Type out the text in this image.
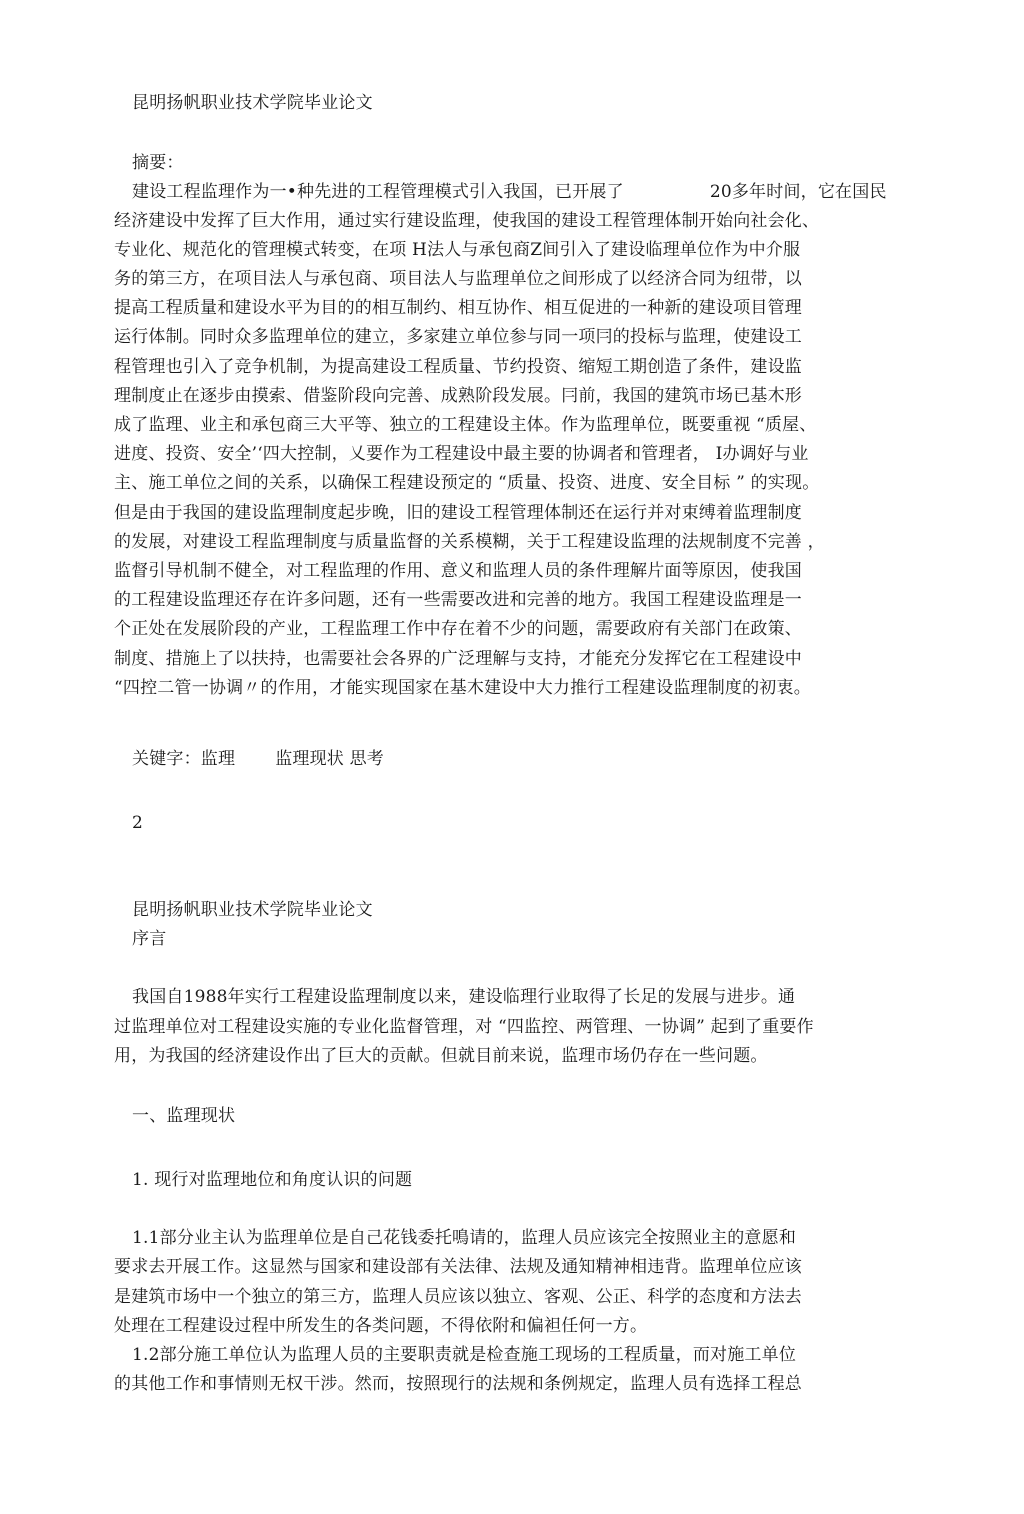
昆明扬帆职业技术学院毕业论文
摘要：
建设工程监理作为一•种先进的工程管理模式引入我国，已开展了	20多年时间，它在国民
经济建设中发挥了巨大作用，通过实行建设监理，使我国的建设工程管理体制开始向社会化、
专业化、规范化的管理模式转变，在项 H法人与承包商Z间引入了建设临理单位作为中介服
务的第三方，在项目法人与承包商、项目法人与监理单位之间形成了以经济合同为纽带，以
提高工程质量和建设水平为目的的相互制约、相互协作、相互促进的一种新的建设项目管理
运行体制。同时众多监理单位的建立，多家建立单位参与同一项冃的投标与监理，使建设工
程管理也引入了竞争机制，为提高建设工程质量、节约投资、缩短工期创造了条件，建设监
理制度止在逐步由摸索、借鉴阶段向完善、成熟阶段发展。冃前，我国的建筑市场已基木形
成了监理、业主和承包商三大平等、独立的工程建设主体。作为监理单位，既要重视 “质屋、
进度、投资、安全’‘四大控制，乂要作为工程建设中最主要的协调者和管理者， I办调好与业
主、施工单位之间的关系，以确保工程建设预定的 “质量、投资、进度、安全目标 ” 的实现。
但是由于我国的建设监理制度起步晚，旧的建设工程管理体制还在运行并对束缚着监理制度
的发展，对建设工程监理制度与质量监督的关系模糊，关于工程建设监理的法规制度不完善 ，
监督引导机制不健全，对工程监理的作用、意义和监理人员的条件理解片面等原因，使我国
的工程建设监理还存在许多问题，还有一些需要改进和完善的地方。我国工程建设监理是一
个正处在发展阶段的产业，工程监理工作中存在着不少的问题，需要政府有关部门在政策、
制度、措施上了以扶持，也需要社会各界的广泛理解与支持，才能充分发挥它在工程建设中
“四控二管一协调〃的作用，才能实现国家在基木建设中大力推行工程建设监理制度的初衷。
关键字：监理 监理现状 思考
2
昆明扬帆职业技术学院毕业论文
序言
我国自1988年实行工程建设监理制度以来，建设临理行业取得了长足的发展与进步。通
过监理单位对工程建设实施的专业化监督管理，对 “四监控、两管理、一协调” 起到了重要作
用，为我国的经济建设作出了巨大的贡献。但就目前来说，监理市场仍存在一些问题。
一、监理现状
1. 现行对监理地位和角度认识的问题
1.1部分业主认为监理单位是自己花钱委托鳴请的，监理人员应该完全按照业主的意愿和
要求去开展工作。这显然与国家和建设部有关法律、法规及通知精神相违背。监理单位应该
是建筑市场中一个独立的第三方，监理人员应该以独立、客观、公正、科学的态度和方法去
处理在工程建设过程中所发生的各类问题，不得依附和偏袒任何一方。
1.2部分施工单位认为监理人员的主要职责就是检查施工现场的工程质量，而对施工单位
的其他工作和事情则无权干涉。然而，按照现行的法规和条例规定，监理人员有选择工程总
